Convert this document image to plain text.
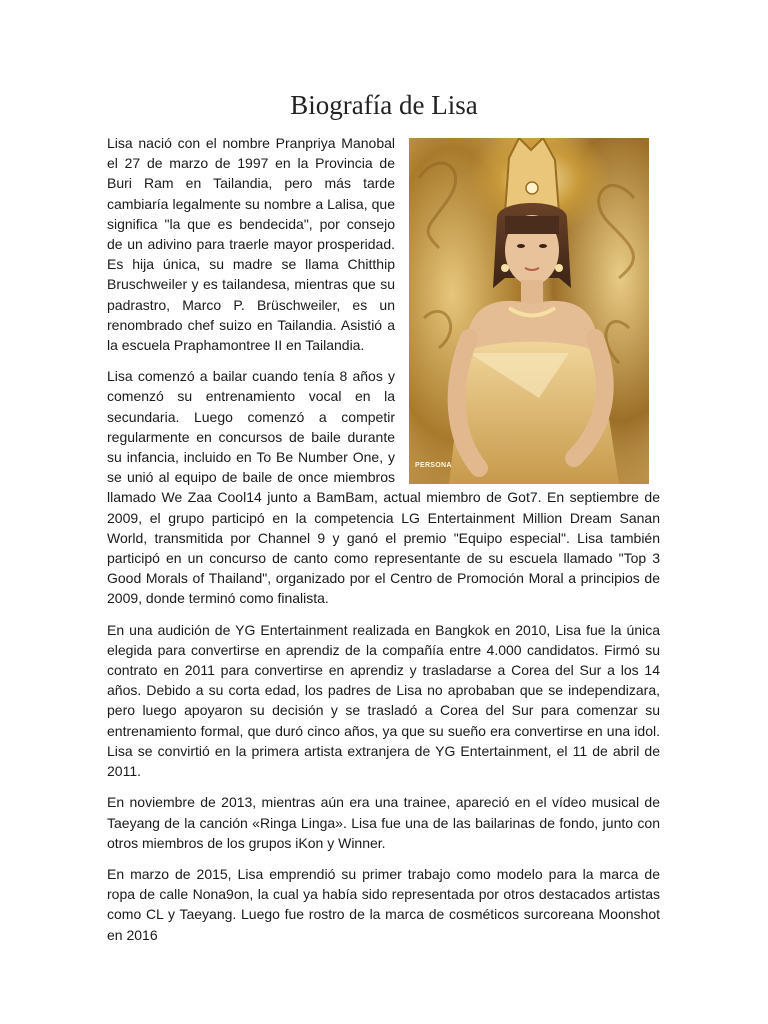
Biografía de Lisa

PERSONA
Lisa nació con el nombre Pranpriya Manobal el 27 de marzo de 1997 en la Provincia de Buri Ram en Tailandia, pero más tarde cambiaría legalmente su nombre a Lalisa, que significa "la que es bendecida", por consejo de un adivino para traerle mayor prosperidad. Es hija única, su madre se llama Chitthip Bruschweiler y es tailandesa, mientras que su padrastro, Marco P. Brüschweiler, es un renombrado chef suizo en Tailandia. Asistió a la escuela Praphamontree II en Tailandia.

Lisa comenzó a bailar cuando tenía 8 años y comenzó su entrenamiento vocal en la secundaria. Luego comenzó a competir regularmente en concursos de baile durante su infancia, incluido en To Be Number One, y se unió al equipo de baile de once miembros llamado We Zaa Cool14 junto a BamBam, actual miembro de Got7. En septiembre de 2009, el grupo participó en la competencia LG Entertainment Million Dream Sanan World, transmitida por Channel 9 y ganó el premio "Equipo especial". Lisa también participó en un concurso de canto como representante de su escuela llamado "Top 3 Good Morals of Thailand", organizado por el Centro de Promoción Moral a principios de 2009, donde terminó como finalista.

En una audición de YG Entertainment realizada en Bangkok en 2010, Lisa fue la única elegida para convertirse en aprendiz de la compañía entre 4.000 candidatos. Firmó su contrato en 2011 para convertirse en aprendiz y trasladarse a Corea del Sur a los 14 años. Debido a su corta edad, los padres de Lisa no aprobaban que se independizara, pero luego apoyaron su decisión y se trasladó a Corea del Sur para comenzar su entrenamiento formal, que duró cinco años, ya que su sueño era convertirse en una idol. Lisa se convirtió en la primera artista extranjera de YG Entertainment, el 11 de abril de 2011.

En noviembre de 2013, mientras aún era una trainee, apareció en el vídeo musical de Taeyang de la canción «Ringa Linga». Lisa fue una de las bailarinas de fondo, junto con otros miembros de los grupos iKon y Winner.

En marzo de 2015, Lisa emprendió su primer trabajo como modelo para la marca de ropa de calle Nona9on, la cual ya había sido representada por otros destacados artistas como CL y Taeyang. Luego fue rostro de la marca de cosméticos surcoreana Moonshot en 2016
